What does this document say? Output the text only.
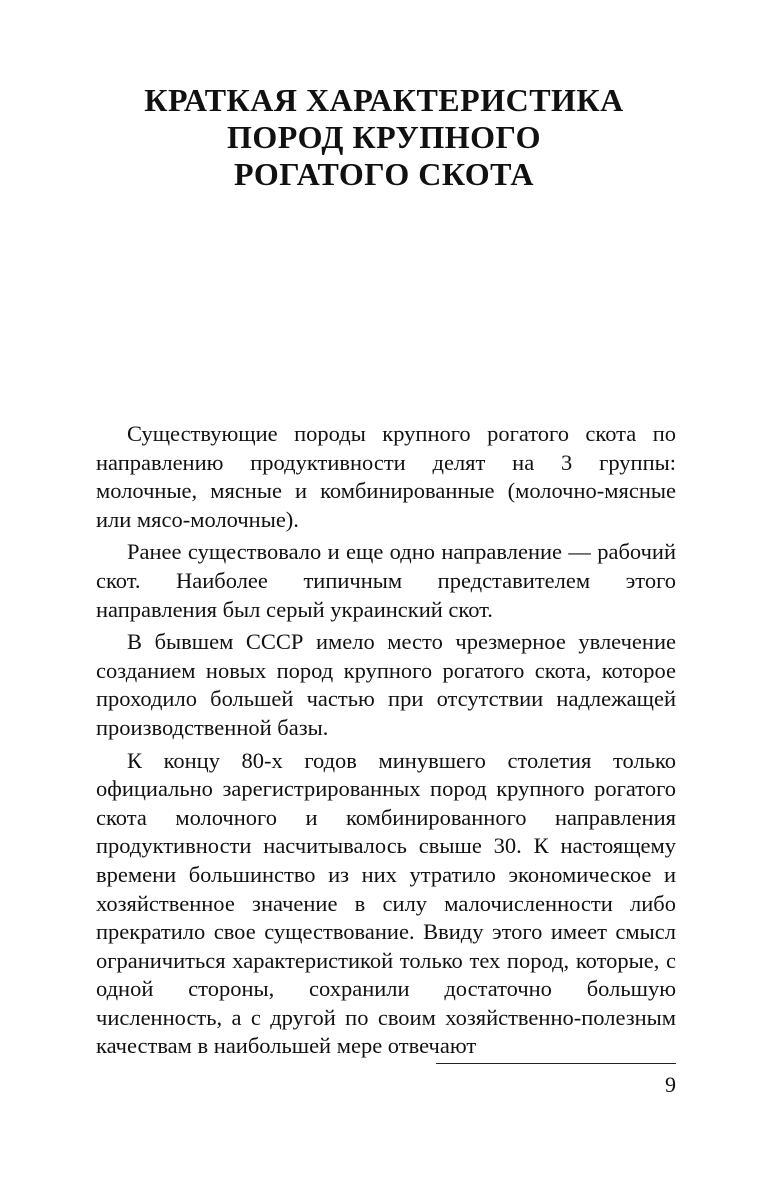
КРАТКАЯ ХАРАКТЕРИСТИКА
ПОРОД КРУПНОГО
РОГАТОГО СКОТА

Существующие породы крупного рогатого скота по направлению продуктивности делят на 3 группы: молочные, мясные и комбинированные (молочно-мясные или мясо-молочные).

Ранее существовало и еще одно направление — рабочий скот. Наиболее типичным представителем этого направления был серый украинский скот.

В бывшем СССР имело место чрезмерное увлечение созданием новых пород крупного рогатого скота, которое проходило большей частью при отсутствии надлежащей производственной базы.

К концу 80-х годов минувшего столетия только официально зарегистрированных пород крупного рогатого скота молочного и комбинированного направления продуктивности насчитывалось свыше 30. К настоящему времени большинство из них утратило экономическое и хозяйственное значение в силу малочисленности либо прекратило свое существование. Ввиду этого имеет смысл ограничиться характеристикой только тех пород, которые, с одной стороны, сохранили достаточно большую численность, а с другой по своим хозяйственно-полезным качествам в наибольшей мере отвечают

9
